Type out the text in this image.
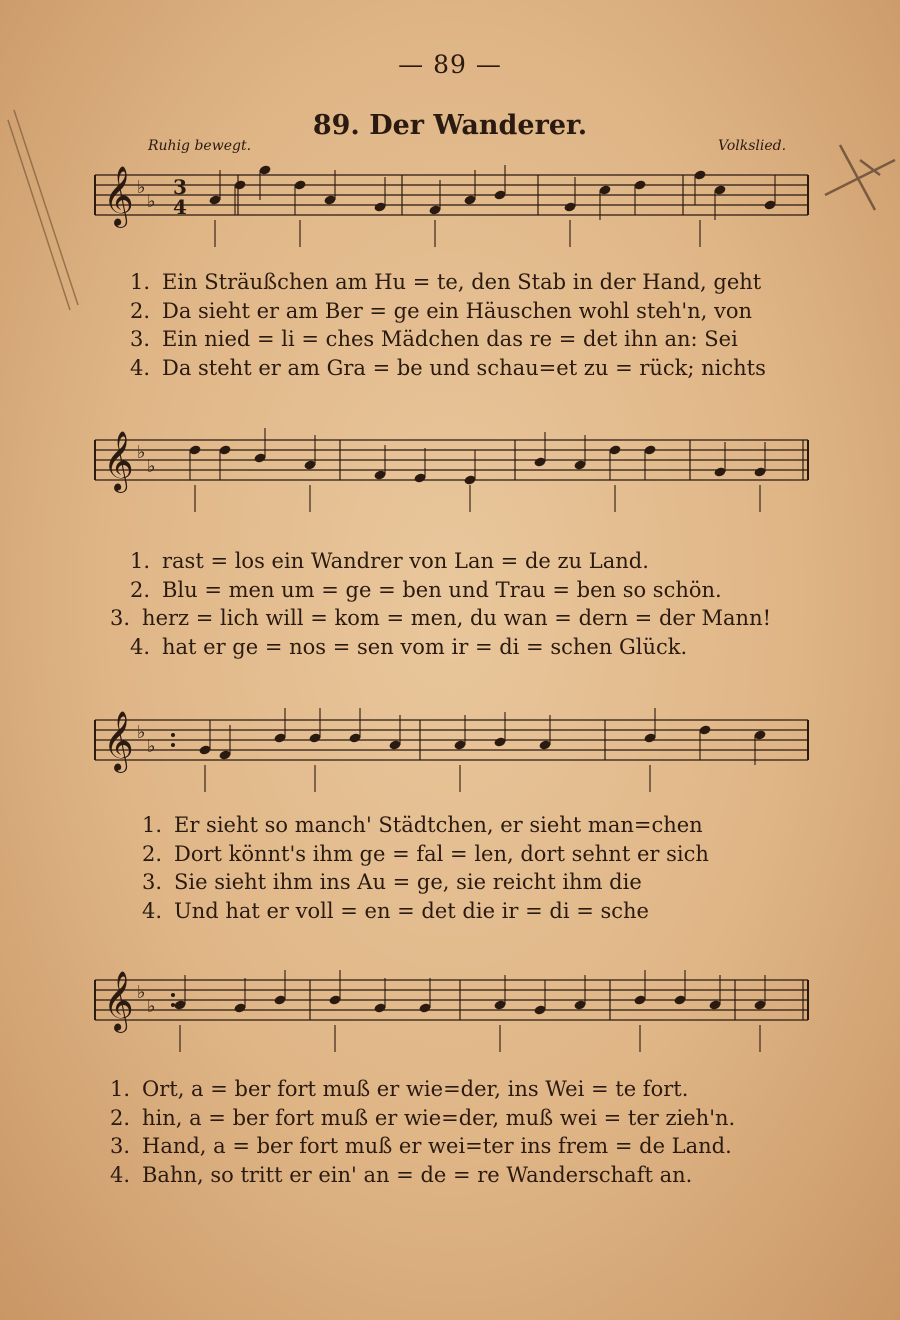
— 89 —
89. Der Wanderer.
Ruhig bewegt.	Volkslied.
𝄞 ♭
♭
3
4
𝄞 ♭
♭
𝄞 ♭
♭
𝄞 ♭
♭
1. Ein Sträußchen am Hu = te, den Stab in der Hand, geht
2. Da sieht er am Ber = ge ein Häuschen wohl steh'n, von
3. Ein nied = li = ches Mädchen das re = det ihn an: Sei
4. Da steht er am Gra = be und schau=et zu = rück; nichts
1. rast = los ein Wandrer von Lan = de zu Land.
2. Blu = men um = ge = ben und Trau = ben so schön.
3. herz = lich will = kom = men, du wan = dern = der Mann!
4. hat er ge = nos = sen vom ir = di = schen Glück.
1. Er sieht so manch' Städtchen, er sieht man=chen
2. Dort könnt's ihm ge = fal = len, dort sehnt er sich
3. Sie sieht ihm ins Au = ge, sie reicht ihm die
4. Und hat er voll = en = det die ir = di = sche
1. Ort, a = ber fort muß er wie=der, ins Wei = te fort.
2. hin, a = ber fort muß er wie=der, muß wei = ter zieh'n.
3. Hand, a = ber fort muß er wei=ter ins frem = de Land.
4. Bahn, so tritt er ein' an = de = re Wanderschaft an.
